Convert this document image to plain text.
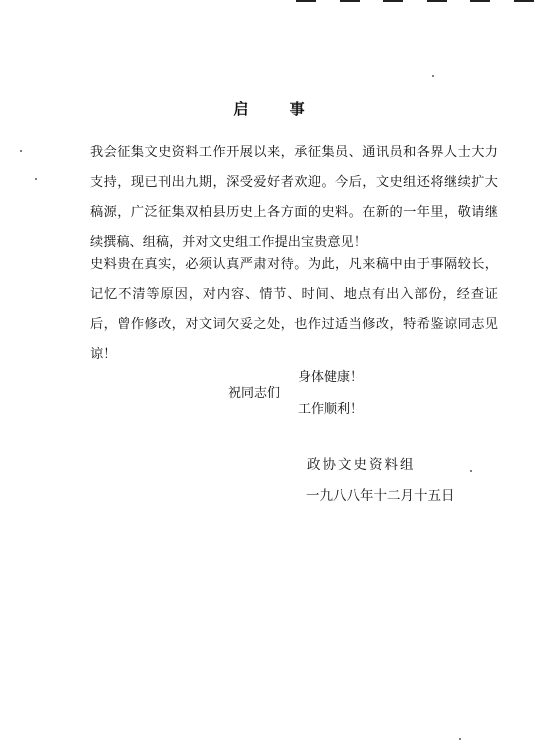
启 事

我会征集文史资料工作开展以来，承征集员、通讯员和各界人士大力支持，现已刊出九期，深受爱好者欢迎。今后，文史组还将继续扩大稿源，广泛征集双柏县历史上各方面的史料。在新的一年里，敬请继续撰稿、组稿，并对文史组工作提出宝贵意见！

史料贵在真实，必须认真严肃对待。为此，凡来稿中由于事隔较长，记忆不清等原因，对内容、情节、时间、地点有出入部份，经查证后，曾作修改，对文词欠妥之处，也作过适当修改，特希鉴谅同志见谅！

祝同志们
身体健康！
工作顺利！
政协文史资料组
一九八八年十二月十五日
